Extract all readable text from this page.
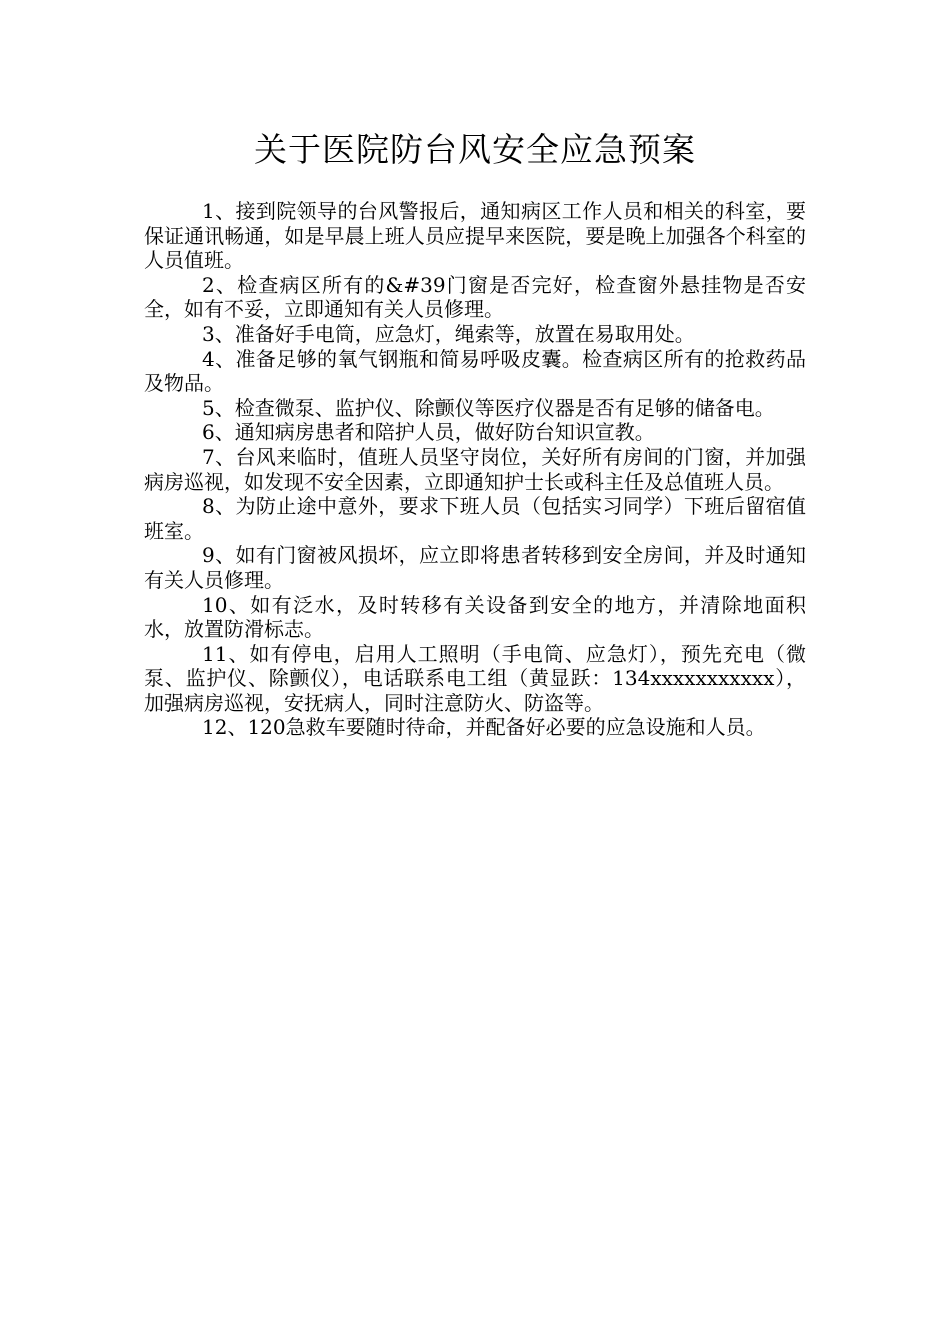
关于医院防台风安全应急预案

1、接到院领导的台风警报后，通知病区工作人员和相关的科室，要保证通讯畅通，如是早晨上班人员应提早来医院，要是晚上加强各个科室的人员值班。

2、检查病区所有的&#39门窗是否完好，检查窗外悬挂物是否安全，如有不妥，立即通知有关人员修理。

3、准备好手电筒，应急灯，绳索等，放置在易取用处。

4、准备足够的氧气钢瓶和简易呼吸皮囊。检查病区所有的抢救药品及物品。

5、检查微泵、监护仪、除颤仪等医疗仪器是否有足够的储备电。

6、通知病房患者和陪护人员，做好防台知识宣教。

7、台风来临时，值班人员坚守岗位，关好所有房间的门窗，并加强病房巡视，如发现不安全因素，立即通知护士长或科主任及总值班人员。

8、为防止途中意外，要求下班人员（包括实习同学）下班后留宿值班室。

9、如有门窗被风损坏，应立即将患者转移到安全房间，并及时通知有关人员修理。

10、如有泛水，及时转移有关设备到安全的地方，并清除地面积水，放置防滑标志。

11、如有停电，启用人工照明（手电筒、应急灯），预先充电（微泵、监护仪、除颤仪），电话联系电工组（黄显跃：134xxxxxxxxxxx），加强病房巡视，安抚病人，同时注意防火、防盗等。

12、120急救车要随时待命，并配备好必要的应急设施和人员。
